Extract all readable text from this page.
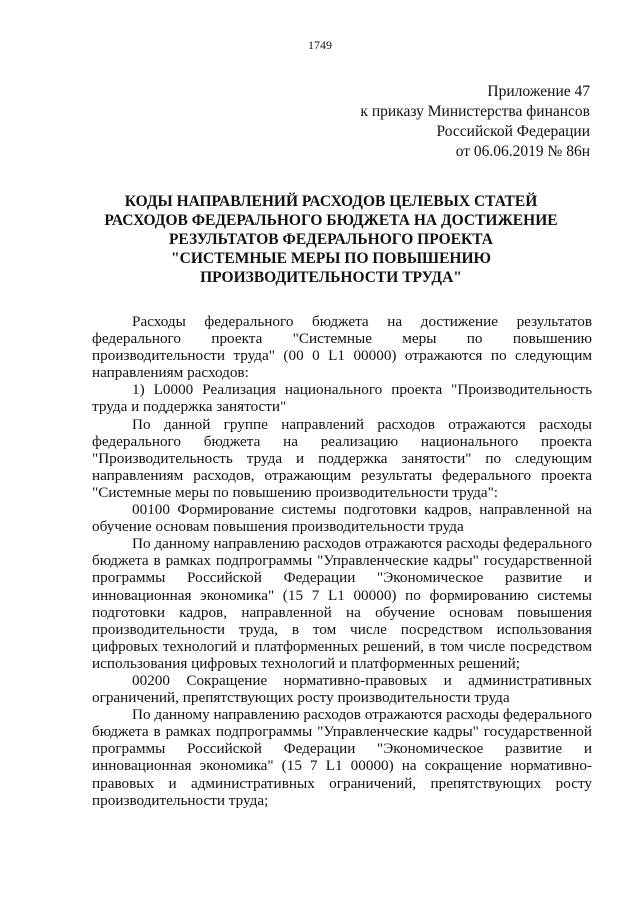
1749
Приложение 47
к приказу Министерства финансов
Российской Федерации
от 06.06.2019 № 86н
КОДЫ НАПРАВЛЕНИЙ РАСХОДОВ ЦЕЛЕВЫХ СТАТЕЙ
РАСХОДОВ ФЕДЕРАЛЬНОГО БЮДЖЕТА НА ДОСТИЖЕНИЕ
РЕЗУЛЬТАТОВ ФЕДЕРАЛЬНОГО ПРОЕКТА
"СИСТЕМНЫЕ МЕРЫ ПО ПОВЫШЕНИЮ
ПРОИЗВОДИТЕЛЬНОСТИ ТРУДА"

Расходы федерального бюджета на достижение результатов федерального проекта "Системные меры по повышению производительности труда" (00 0 L1 00000) отражаются по следующим направлениям расходов:

1) L0000 Реализация национального проекта "Производительность труда и поддержка занятости"

По данной группе направлений расходов отражаются расходы федерального бюджета на реализацию национального проекта "Производительность труда и поддержка занятости" по следующим направлениям расходов, отражающим результаты федерального проекта "Системные меры по повышению производительности труда":

00100 Формирование системы подготовки кадров, направленной на обучение основам повышения производительности труда

По данному направлению расходов отражаются расходы федерального бюджета в рамках подпрограммы "Управленческие кадры" государственной программы Российской Федерации "Экономическое развитие и инновационная экономика" (15 7 L1 00000) по формированию системы подготовки кадров, направленной на обучение основам повышения производительности труда, в том числе посредством использования цифровых технологий и платформенных решений, в том числе посредством использования цифровых технологий и платформенных решений;

00200 Сокращение нормативно-правовых и административных ограничений, препятствующих росту производительности труда

По данному направлению расходов отражаются расходы федерального бюджета в рамках подпрограммы "Управленческие кадры" государственной программы Российской Федерации "Экономическое развитие и инновационная экономика" (15 7 L1 00000) на сокращение нормативно-правовых и административных ограничений, препятствующих росту производительности труда;
